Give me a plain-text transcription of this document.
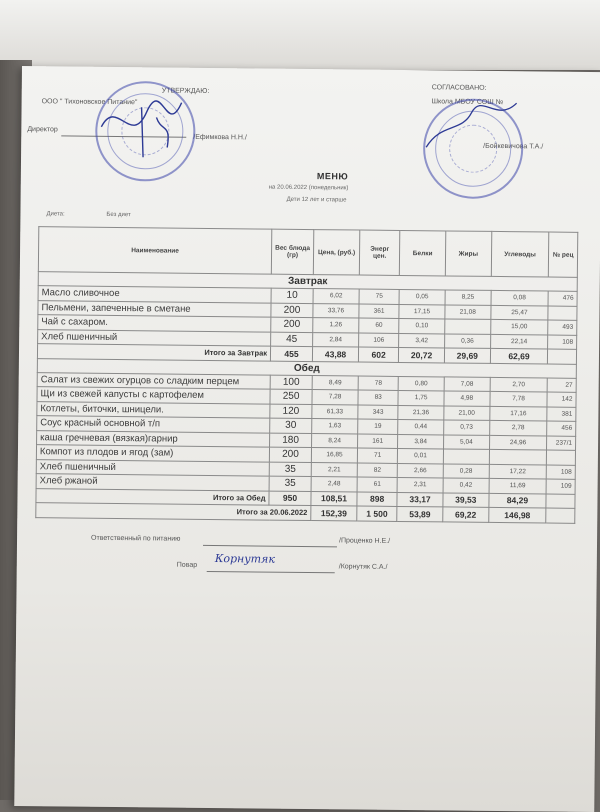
УТВЕРЖДАЮ:
ООО " Тихоновское Питание"
Директор
/Ефимкова Н.Н./
СОГЛАСОВАНО:
Школа МБОУ СОШ №
/Бойкевичова Т.А./
МЕНЮ
на 20.06.2022 (понедельник)
Дети 12 лет и старше
Диета:	Без диет
Наименование	Вес блюда (гр)	Цена, (руб.)	Энерг цен.	Белки	Жиры	Углеводы	№ рец
Завтрак							
Масло сливочное	10	6,02	75	0,05	8,25	0,08	476
Пельмени, запеченные в сметане	200	33,76	361	17,15	21,08	25,47	
Чай с сахаром.	200	1,26	60	0,10		15,00	493
Хлеб пшеничный	45	2,84	106	3,42	0,36	22,14	108
Итого за Завтрак	455	43,88	602	20,72	29,69	62,69	
Обед							
Салат из свежих огурцов со сладким перцем	100	8,49	78	0,80	7,08	2,70	27
Щи из свежей капусты с картофелем	250	7,28	83	1,75	4,98	7,78	142
Котлеты, биточки, шницели.	120	61,33	343	21,36	21,00	17,16	381
Соус красный основной т/п	30	1,63	19	0,44	0,73	2,78	456
каша гречневая (вязкая)гарнир	180	8,24	161	3,84	5,04	24,96	237/1
Компот из плодов и ягод (зам)	200	16,85	71	0,01			
Хлеб пшеничный	35	2,21	82	2,66	0,28	17,22	108
Хлеб ржаной	35	2,48	61	2,31	0,42	11,69	109
Итого за Обед	950	108,51	898	33,17	39,53	84,29	
Итого за 20.06.2022		152,39	1 500	53,89	69,22	146,98	
Ответственный по питанию	/Проценко Н.Е./
Повар Корнутяк
/Корнутяк С.А./
